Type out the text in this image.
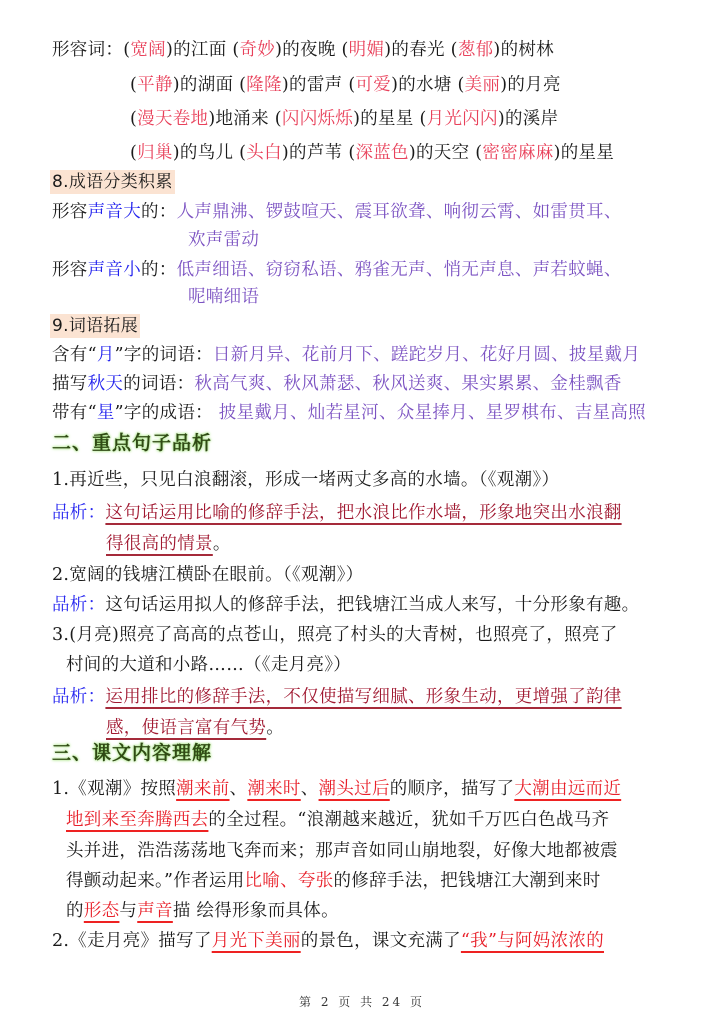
形容词：(宽阔)的江面 (奇妙)的夜晚 (明媚)的春光 (葱郁)的树林
(平静)的湖面 (隆隆)的雷声 (可爱)的水塘 (美丽)的月亮
(漫天卷地)地涌来 (闪闪烁烁)的星星 (月光闪闪)的溪岸
(归巢)的鸟儿 (头白)的芦苇 (深蓝色)的天空 (密密麻麻)的星星
8.成语分类积累
形容声音大的：人声鼎沸、锣鼓喧天、震耳欲聋、响彻云霄、如雷贯耳、
欢声雷动
形容声音小的：低声细语、窃窃私语、鸦雀无声、悄无声息、声若蚊蝇、
呢喃细语
9.词语拓展
含有“月”字的词语：日新月异、花前月下、蹉跎岁月、花好月圆、披星戴月
描写秋天的词语：秋高气爽、秋风萧瑟、秋风送爽、果实累累、金桂飘香
带有“星”字的成语： 披星戴月、灿若星河、众星捧月、星罗棋布、吉星高照
二、重点句子品析
1.再近些，只见白浪翻滚，形成一堵两丈多高的水墙。（《观潮》）
品析：这句话运用比喻的修辞手法，把水浪比作水墙，形象地突出水浪翻
得很高的情景。
2.宽阔的钱塘江横卧在眼前。（《观潮》）
品析：这句话运用拟人的修辞手法，把钱塘江当成人来写，十分形象有趣。
3.(月亮)照亮了高高的点苍山，照亮了村头的大青树，也照亮了，照亮了
村间的大道和小路……（《走月亮》）
品析：运用排比的修辞手法，不仅使描写细腻、形象生动，更增强了韵律
感，使语言富有气势。
三、课文内容理解
1.《观潮》按照潮来前、潮来时、潮头过后的顺序，描写了大潮由远而近
地到来至奔腾西去的全过程。“浪潮越来越近，犹如千万匹白色战马齐
头并进，浩浩荡荡地飞奔而来；那声音如同山崩地裂，好像大地都被震
得颤动起来。”作者运用比喻、夸张的修辞手法，把钱塘江大潮到来时
的形态与声音描 绘得形象而具体。
2.《走月亮》描写了月光下美丽的景色，课文充满了“我”与阿妈浓浓的
第 2 页 共 24 页
